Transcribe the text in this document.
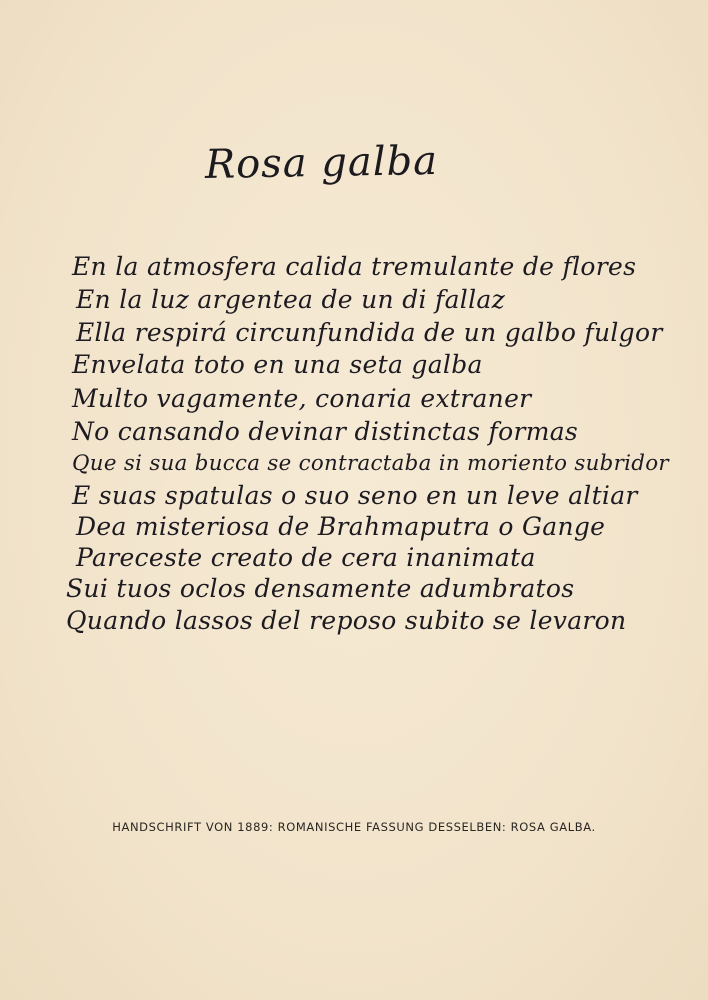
Rosa galba
En la atmosfera calida tremulante de flores
En la luz argentea de un di fallaz
Ella respirá circunfundida de un galbo fulgor
Envelata toto en una seta galba
Multo vagamente, conaria extraner
No cansando devinar distinctas formas
Que si sua bucca se contractaba in moriento subridor
E suas spatulas o suo seno en un leve altiar
Dea misteriosa de Brahmaputra o Gange
Pareceste creato de cera inanimata
Sui tuos oclos densamente adumbratos
Quando lassos del reposo subito se levaron
HANDSCHRIFT VON 1889: ROMANISCHE FASSUNG DESSELBEN: ROSA GALBA.
